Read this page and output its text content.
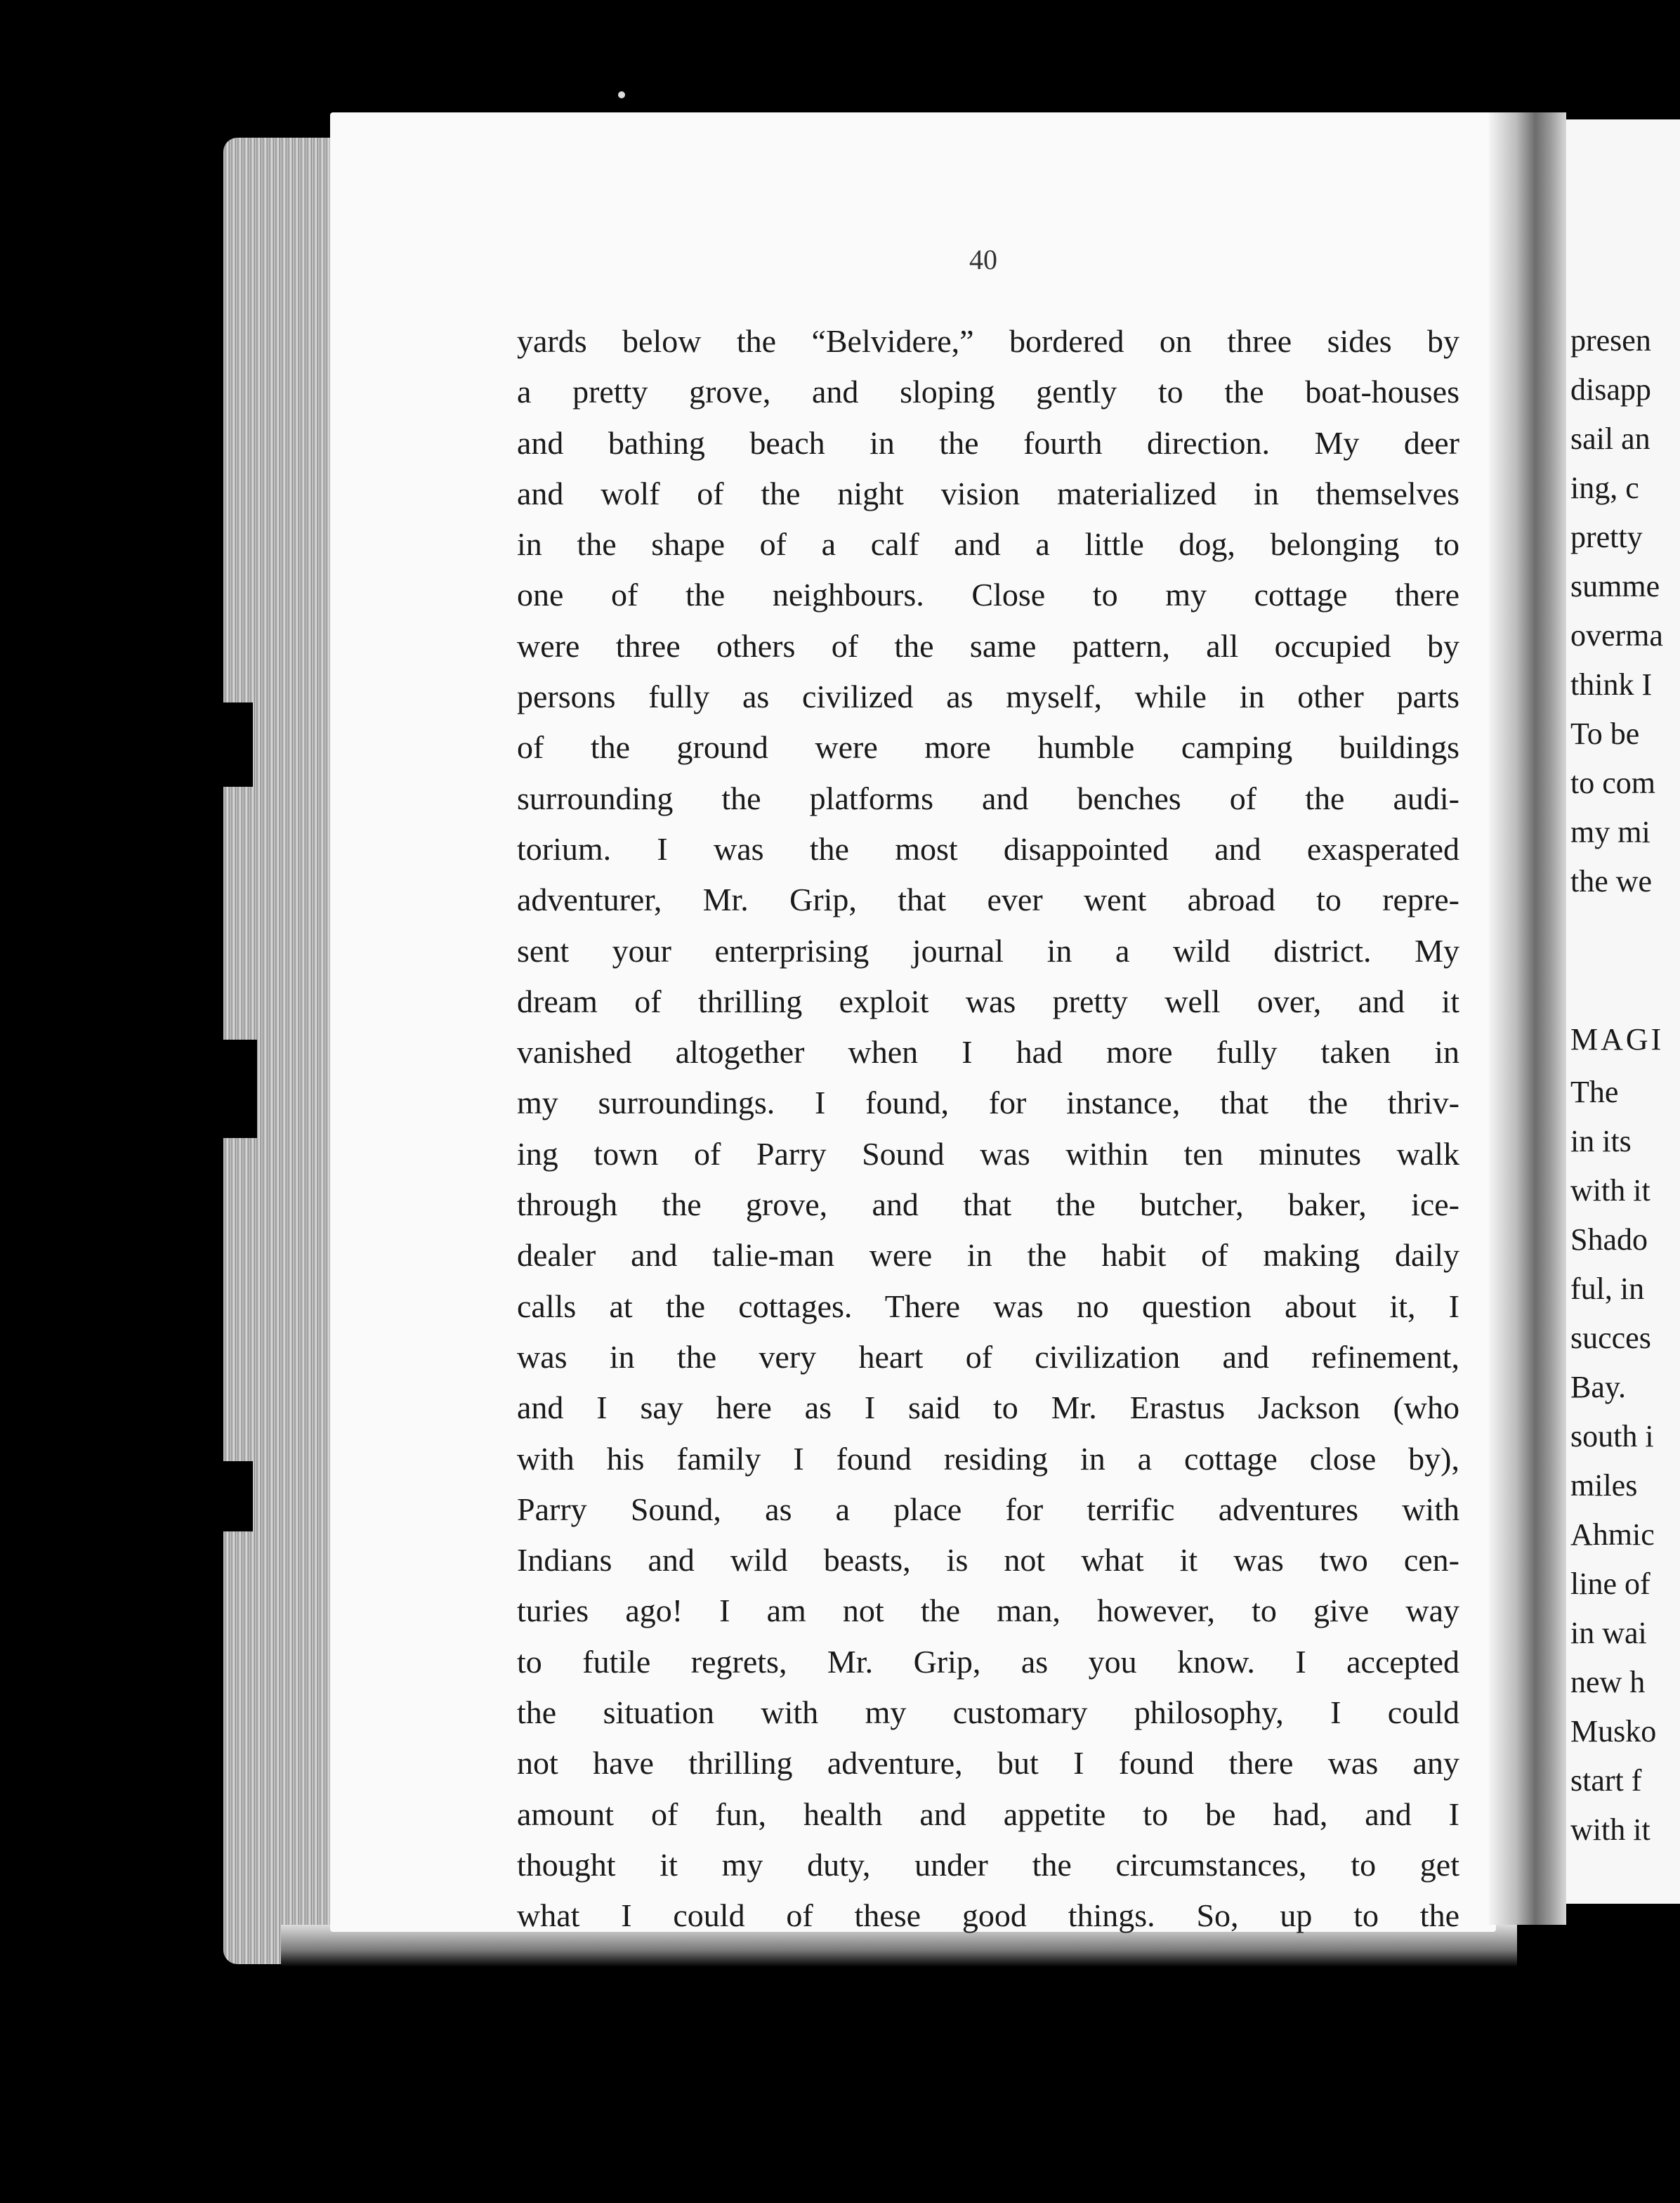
40
yards below the “Belvidere,” bordered on three sides by
a pretty grove, and sloping gently to the boat-houses
and bathing beach in the fourth direction. My deer
and wolf of the night vision materialized in themselves
in the shape of a calf and a little dog, belonging to
one of the neighbours. Close to my cottage there
were three others of the same pattern, all occupied by
persons fully as civilized as myself, while in other parts
of the ground were more humble camping buildings
surrounding the platforms and benches of the audi-
torium. I was the most disappointed and exasperated
adventurer, Mr. Grip, that ever went abroad to repre-
sent your enterprising journal in a wild district. My
dream of thrilling exploit was pretty well over, and it
vanished altogether when I had more fully taken in
my surroundings. I found, for instance, that the thriv-
ing town of Parry Sound was within ten minutes walk
through the grove, and that the butcher, baker, ice-
dealer and talie-man were in the habit of making daily
calls at the cottages. There was no question about it, I
was in the very heart of civilization and refinement,
and I say here as I said to Mr. Erastus Jackson (who
with his family I found residing in a cottage close by),
Parry Sound, as a place for terrific adventures with
Indians and wild beasts, is not what it was two cen-
turies ago! I am not the man, however, to give way
to futile regrets, Mr. Grip, as you know. I accepted
the situation with my customary philosophy, I could
not have thrilling adventure, but I found there was any
amount of fun, health and appetite to be had, and I
thought it my duty, under the circumstances, to get
what I could of these good things. So, up to the
presen
disapp
sail an
ing, c
pretty
summe
overma
think I
To be
to com
my mi
the we
MAGI
The
in its
with it
Shado
ful, in
succes
Bay.
south i
miles
Ahmic
line of
in wai
new h
Musko
start f
with it
